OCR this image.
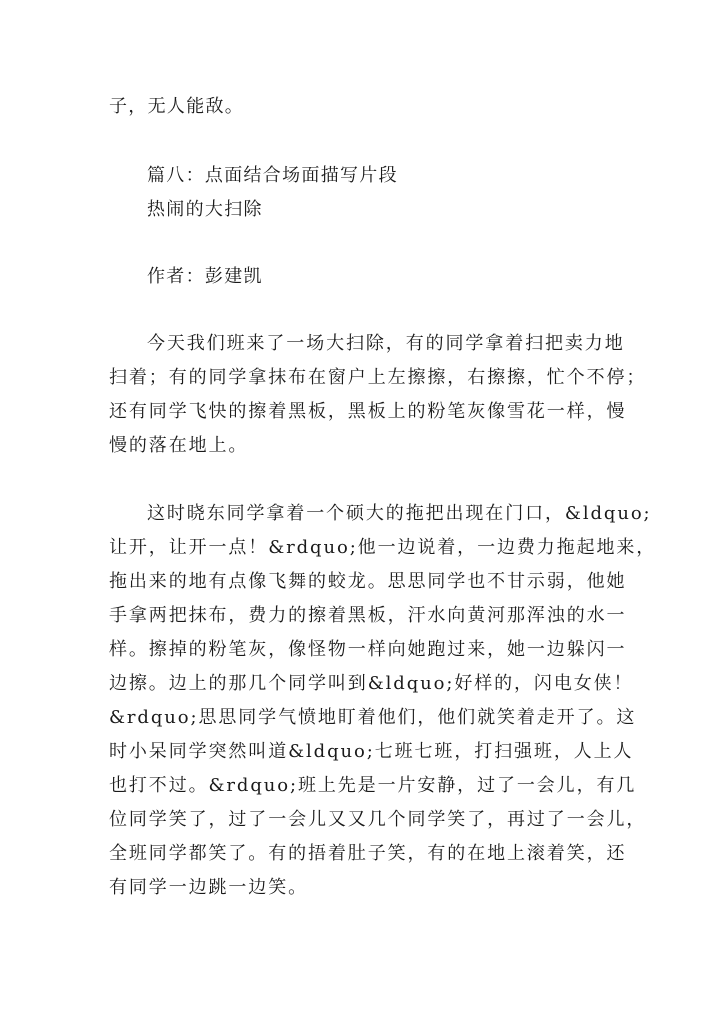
子，无人能敌。
篇八：点面结合场面描写片段
热闹的大扫除
作者：彭建凯
今天我们班来了一场大扫除，有的同学拿着扫把卖力地
扫着；有的同学拿抹布在窗户上左擦擦，右擦擦，忙个不停；
还有同学飞快的擦着黑板，黑板上的粉笔灰像雪花一样，慢
慢的落在地上。
这时晓东同学拿着一个硕大的拖把出现在门口，&ldquo;
让开，让开一点！&rdquo;他一边说着，一边费力拖起地来，
拖出来的地有点像飞舞的蛟龙。思思同学也不甘示弱，他她
手拿两把抹布，费力的擦着黑板，汗水向黄河那浑浊的水一
样。擦掉的粉笔灰，像怪物一样向她跑过来，她一边躲闪一
边擦。边上的那几个同学叫到&ldquo;好样的，闪电女侠！
&rdquo;思思同学气愤地盯着他们，他们就笑着走开了。这
时小呆同学突然叫道&ldquo;七班七班，打扫强班，人上人
也打不过。&rdquo;班上先是一片安静，过了一会儿，有几
位同学笑了，过了一会儿又又几个同学笑了，再过了一会儿，
全班同学都笑了。有的捂着肚子笑，有的在地上滚着笑，还
有同学一边跳一边笑。
